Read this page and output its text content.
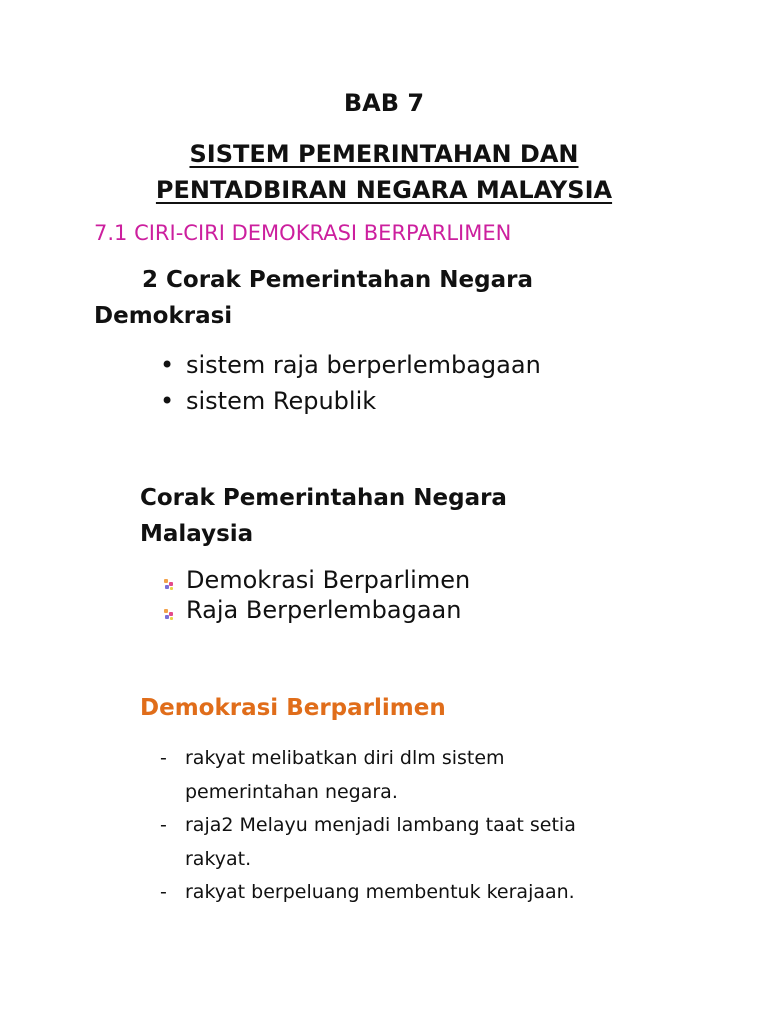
BAB 7
SISTEM PEMERINTAHAN DAN
PENTADBIRAN NEGARA MALAYSIA
7.1 CIRI-CIRI DEMOKRASI BERPARLIMEN
2 Corak Pemerintahan Negara
Demokrasi
• sistem raja berperlembagaan
• sistem Republik
Corak Pemerintahan Negara
Malaysia
Demokrasi Berparlimen
Raja Berperlembagaan
Demokrasi Berparlimen
- rakyat melibatkan diri dlm sistem
pemerintahan negara.
- raja2 Melayu menjadi lambang taat setia
rakyat.
- rakyat berpeluang membentuk kerajaan.
